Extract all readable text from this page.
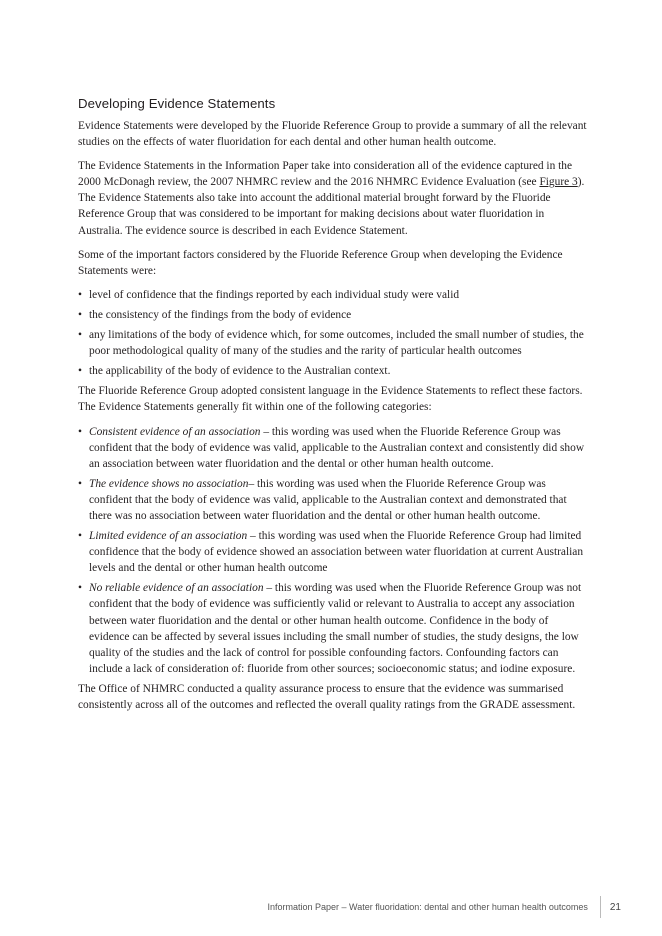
Developing Evidence Statements

Evidence Statements were developed by the Fluoride Reference Group to provide a summary of all the relevant studies on the effects of water fluoridation for each dental and other human health outcome.

The Evidence Statements in the Information Paper take into consideration all of the evidence captured in the 2000 McDonagh review, the 2007 NHMRC review and the 2016 NHMRC Evidence Evaluation (see Figure 3). The Evidence Statements also take into account the additional material brought forward by the Fluoride Reference Group that was considered to be important for making decisions about water fluoridation in Australia. The evidence source is described in each Evidence Statement.

Some of the important factors considered by the Fluoride Reference Group when developing the Evidence Statements were:

• level of confidence that the findings reported by each individual study were valid
• the consistency of the findings from the body of evidence
• any limitations of the body of evidence which, for some outcomes, included the small number of studies, the poor methodological quality of many of the studies and the rarity of particular health outcomes
• the applicability of the body of evidence to the Australian context.

The Fluoride Reference Group adopted consistent language in the Evidence Statements to reflect these factors. The Evidence Statements generally fit within one of the following categories:

• Consistent evidence of an association – this wording was used when the Fluoride Reference Group was confident that the body of evidence was valid, applicable to the Australian context and consistently did show an association between water fluoridation and the dental or other human health outcome.
• The evidence shows no association– this wording was used when the Fluoride Reference Group was confident that the body of evidence was valid, applicable to the Australian context and demonstrated that there was no association between water fluoridation and the dental or other human health outcome.
• Limited evidence of an association – this wording was used when the Fluoride Reference Group had limited confidence that the body of evidence showed an association between water fluoridation at current Australian levels and the dental or other human health outcome
• No reliable evidence of an association – this wording was used when the Fluoride Reference Group was not confident that the body of evidence was sufficiently valid or relevant to Australia to accept any association between water fluoridation and the dental or other human health outcome. Confidence in the body of evidence can be affected by several issues including the small number of studies, the study designs, the low quality of the studies and the lack of control for possible confounding factors. Confounding factors can include a lack of consideration of: fluoride from other sources; socioeconomic status; and iodine exposure.

The Office of NHMRC conducted a quality assurance process to ensure that the evidence was summarised consistently across all of the outcomes and reflected the overall quality ratings from the GRADE assessment.

Information Paper – Water fluoridation: dental and other human health outcomes 21
